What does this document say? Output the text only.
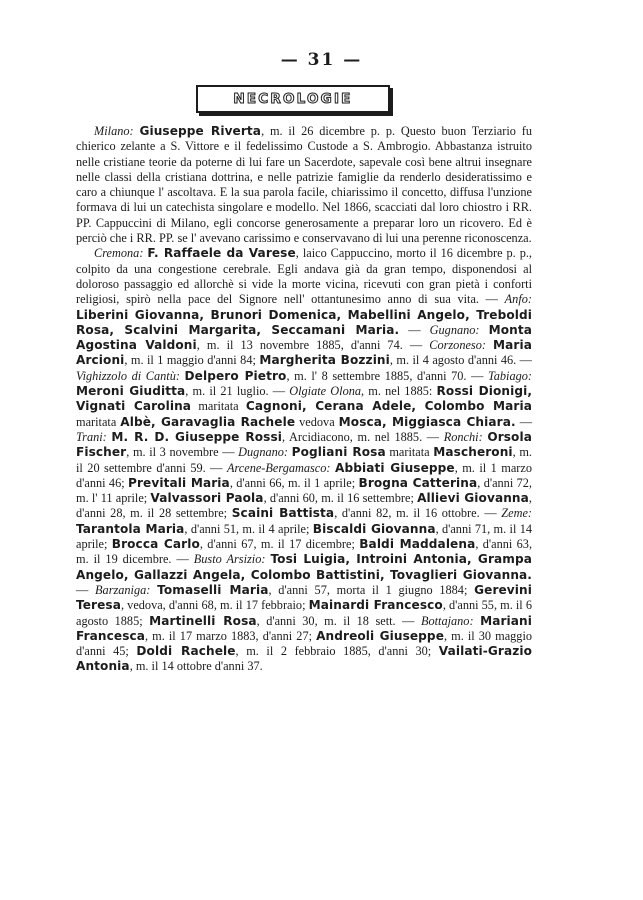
— 31 —
NECROLOGIE

Milano: Giuseppe Riverta, m. il 26 dicembre p. p. Questo buon Terziario fu chierico zelante a S. Vittore e il fedelissimo Custode a S. Ambrogio. Abbastanza istruito nelle cristiane teorie da poterne di lui fare un Sacerdote, sapevale così bene altrui insegnare nelle classi della cristiana dottrina, e nelle patrizie famiglie da renderlo desideratissimo e caro a chiunque l' ascoltava. E la sua parola facile, chiarissimo il concetto, diffusa l'unzione formava di lui un catechista singolare e modello. Nel 1866, scacciati dal loro chiostro i RR. PP. Cappuccini di Milano, egli concorse generosamente a preparar loro un ricovero. Ed è perciò che i RR. PP. se l' avevano carissimo e conservavano di lui una perenne riconoscenza.

Cremona: F. Raffaele da Varese, laico Cappuccino, morto il 16 dicembre p. p., colpito da una congestione cerebrale. Egli andava già da gran tempo, disponendosi al doloroso passaggio ed allorchè si vide la morte vicina, ricevuti con gran pietà i conforti religiosi, spirò nella pace del Signore nell' ottantunesimo anno di sua vita. — Anfo: Liberini Giovanna, Brunori Domenica, Mabellini Angelo, Treboldi Rosa, Scalvini Margarita, Seccamani Maria. — Gugnano: Monta Agostina Valdoni, m. il 13 novembre 1885, d'anni 74. — Corzoneso: Maria Arcioni, m. il 1 maggio d'anni 84; Margherita Bozzini, m. il 4 agosto d'anni 46. — Vighizzolo di Cantù: Delpero Pietro, m. l' 8 settembre 1885, d'anni 70. — Tabiago: Meroni Giuditta, m. il 21 luglio. — Olgiate Olona, m. nel 1885: Rossi Dionigi, Vignati Carolina maritata Cagnoni, Cerana Adele, Colombo Maria maritata Albè, Garavaglia Rachele vedova Mosca, Miggiasca Chiara. — Trani: M. R. D. Giuseppe Rossi, Arcidiacono, m. nel 1885. — Ronchi: Orsola Fischer, m. il 3 novembre — Dugnano: Pogliani Rosa maritata Mascheroni, m. il 20 settembre d'anni 59. — Arcene-Bergamasco: Abbiati Giuseppe, m. il 1 marzo d'anni 46; Previtali Maria, d'anni 66, m. il 1 aprile; Brogna Catterina, d'anni 72, m. l' 11 aprile; Valvassori Paola, d'anni 60, m. il 16 settembre; Allievi Giovanna, d'anni 28, m. il 28 settembre; Scaini Battista, d'anni 82, m. il 16 ottobre. — Zeme: Tarantola Maria, d'anni 51, m. il 4 aprile; Biscaldi Giovanna, d'anni 71, m. il 14 aprile; Brocca Carlo, d'anni 67, m. il 17 dicembre; Baldi Maddalena, d'anni 63, m. il 19 dicembre. — Busto Arsizio: Tosi Luigia, Introini Antonia, Grampa Angelo, Gallazzi Angela, Colombo Battistini, Tovaglieri Giovanna. — Barzaniga: Tomaselli Maria, d'anni 57, morta il 1 giugno 1884; Gerevini Teresa, vedova, d'anni 68, m. il 17 febbraio; Mainardi Francesco, d'anni 55, m. il 6 agosto 1885; Martinelli Rosa, d'anni 30, m. il 18 sett. — Bottajano: Mariani Francesca, m. il 17 marzo 1883, d'anni 27; Andreoli Giuseppe, m. il 30 maggio d'anni 45; Doldi Rachele, m. il 2 febbraio 1885, d'anni 30; Vailati-Grazio Antonia, m. il 14 ottobre d'anni 37.
